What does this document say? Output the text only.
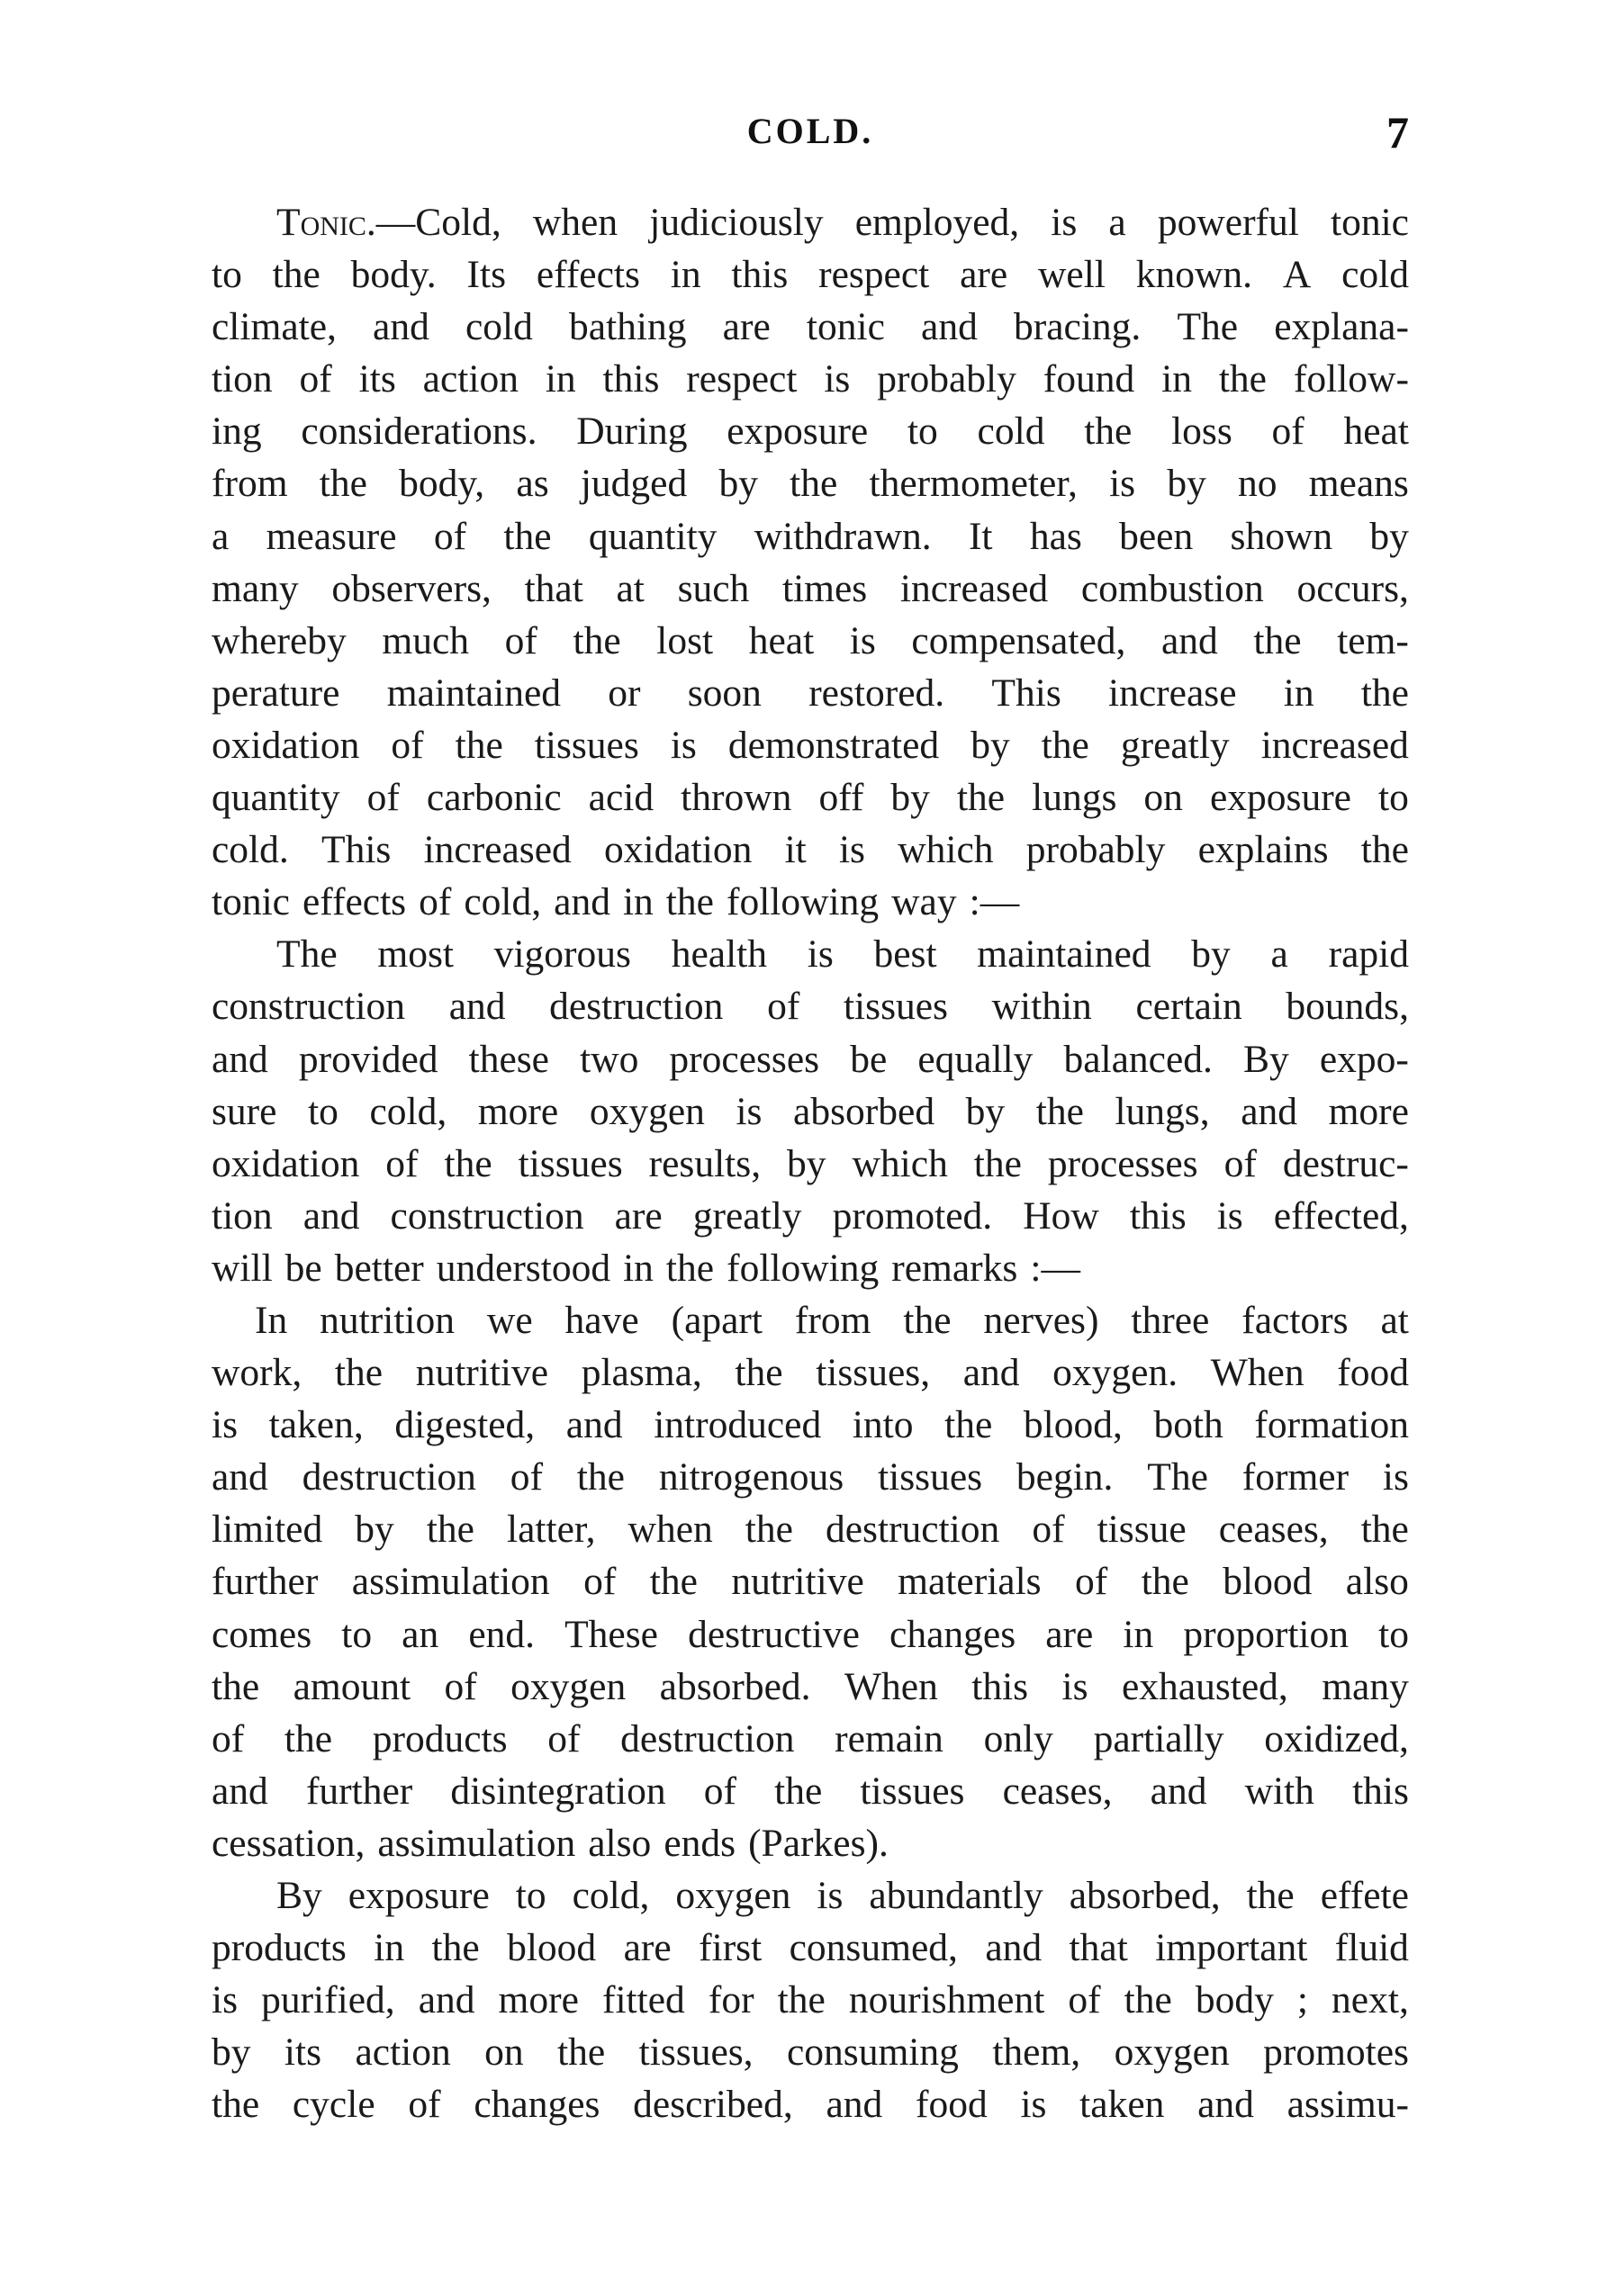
COLD.	7
Tonic.—Cold, when judiciously employed, is a powerful tonic
to the body. Its effects in this respect are well known. A cold
climate, and cold bathing are tonic and bracing. The explana-
tion of its action in this respect is probably found in the follow-
ing considerations. During exposure to cold the loss of heat
from the body, as judged by the thermometer, is by no means
a measure of the quantity withdrawn. It has been shown by
many observers, that at such times increased combustion occurs,
whereby much of the lost heat is compensated, and the tem-
perature maintained or soon restored. This increase in the
oxidation of the tissues is demonstrated by the greatly increased
quantity of carbonic acid thrown off by the lungs on exposure to
cold. This increased oxidation it is which probably explains the
tonic effects of cold, and in the following way :—
The most vigorous health is best maintained by a rapid
construction and destruction of tissues within certain bounds,
and provided these two processes be equally balanced. By expo-
sure to cold, more oxygen is absorbed by the lungs, and more
oxidation of the tissues results, by which the processes of destruc-
tion and construction are greatly promoted. How this is effected,
will be better understood in the following remarks :—
In nutrition we have (apart from the nerves) three factors at
work, the nutritive plasma, the tissues, and oxygen. When food
is taken, digested, and introduced into the blood, both formation
and destruction of the nitrogenous tissues begin. The former is
limited by the latter, when the destruction of tissue ceases, the
further assimulation of the nutritive materials of the blood also
comes to an end. These destructive changes are in proportion to
the amount of oxygen absorbed. When this is exhausted, many
of the products of destruction remain only partially oxidized,
and further disintegration of the tissues ceases, and with this
cessation, assimulation also ends (Parkes).
By exposure to cold, oxygen is abundantly absorbed, the effete
products in the blood are first consumed, and that important fluid
is purified, and more fitted for the nourishment of the body ; next,
by its action on the tissues, consuming them, oxygen promotes
the cycle of changes described, and food is taken and assimu-
